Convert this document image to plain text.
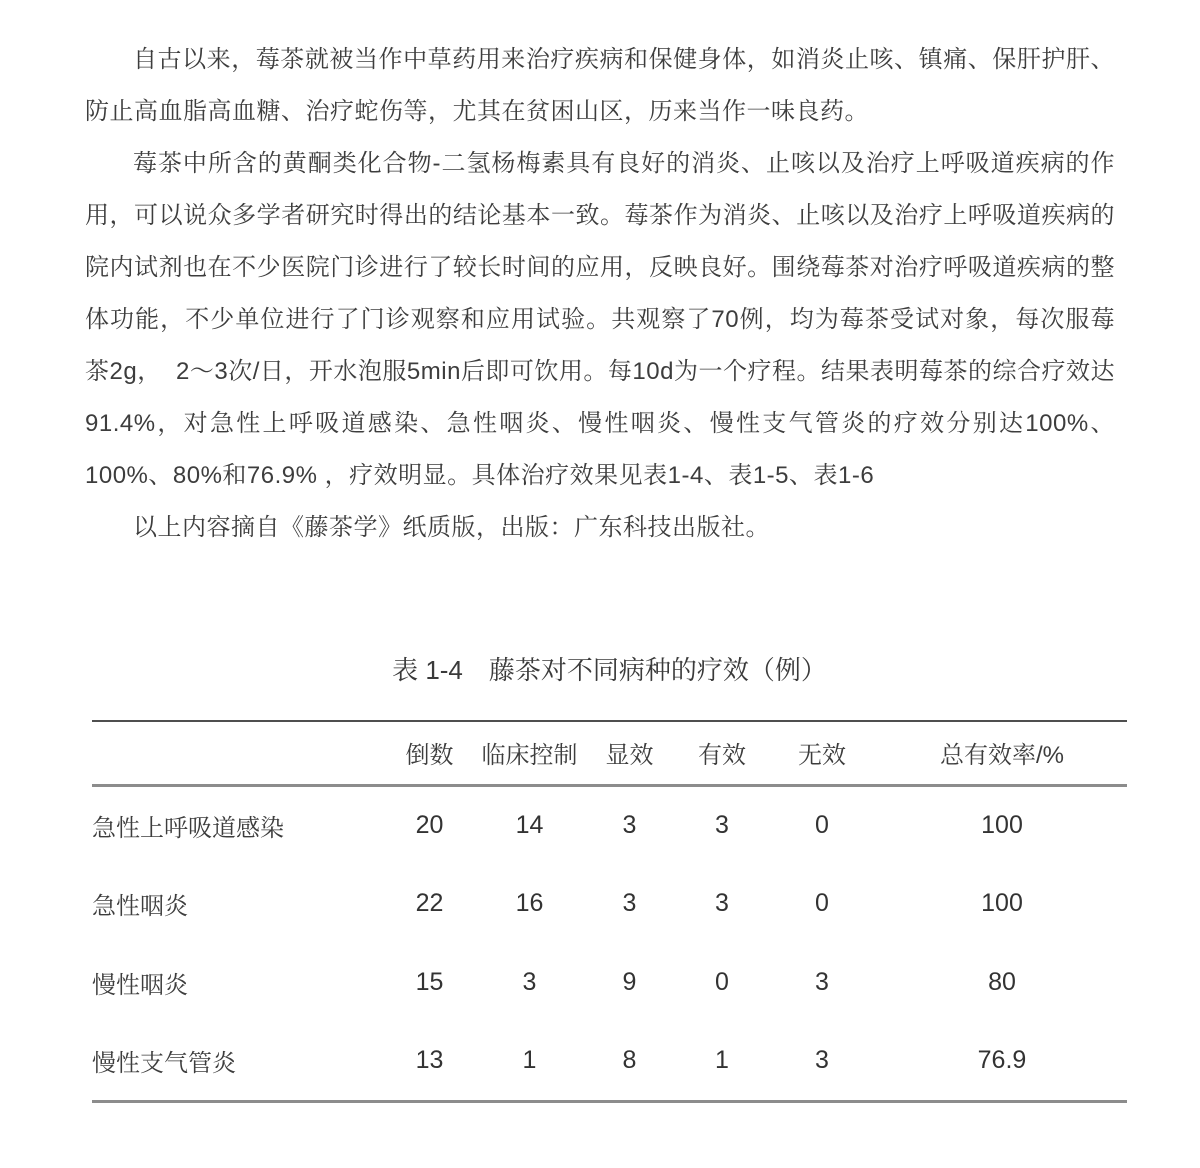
自古以来，莓茶就被当作中草药用来治疗疾病和保健身体，如消炎止咳、镇痛、保肝护肝、防止高血脂高血糖、治疗蛇伤等，尤其在贫困山区，历来当作一味良药。

莓茶中所含的黄酮类化合物-二氢杨梅素具有良好的消炎、止咳以及治疗上呼吸道疾病的作用，可以说众多学者研究时得出的结论基本一致。莓茶作为消炎、止咳以及治疗上呼吸道疾病的院内试剂也在不少医院门诊进行了较长时间的应用，反映良好。围绕莓茶对治疗呼吸道疾病的整体功能，不少单位进行了门诊观察和应用试验。共观察了70例，均为莓茶受试对象，每次服莓茶2g，  2～3次/日，开水泡服5min后即可饮用。每10d为一个疗程。结果表明莓茶的综合疗效达91.4%，对急性上呼吸道感染、急性咽炎、慢性咽炎、慢性支气管炎的疗效分别达100%、100%、80%和76.9% ，疗效明显。具体治疗效果见表1-4、表1-5、表1-6

以上内容摘自《藤茶学》纸质版，出版：广东科技出版社。

表 1-4　藤茶对不同病种的疗效（例）
	倒数	临床控制	显效	有效	无效	总有效率/%
急性上呼吸道感染	20	14	3	3	0	100
急性咽炎	22	16	3	3	0	100
慢性咽炎	15	3	9	0	3	80
慢性支气管炎	13	1	8	1	3	76.9
